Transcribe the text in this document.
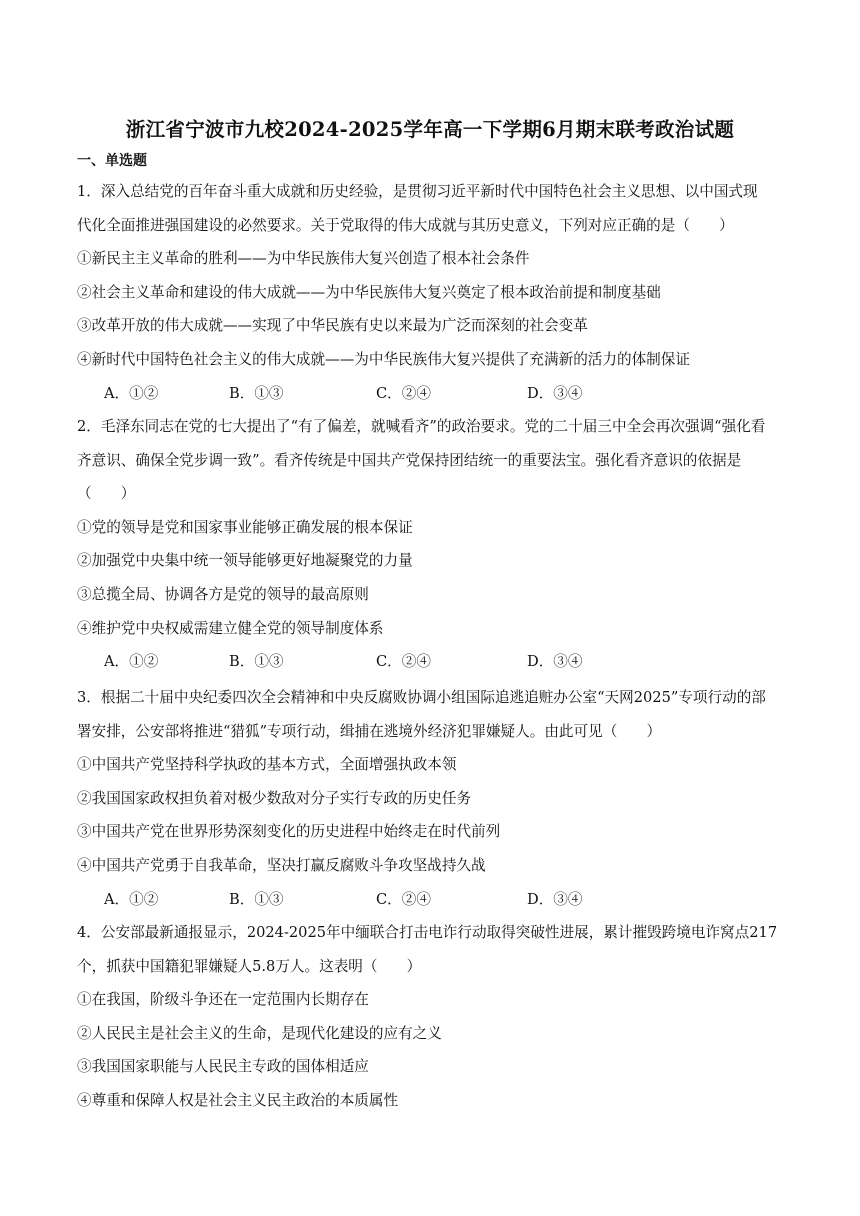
浙江省宁波市九校2024-2025学年高一下学期6月期末联考政治试题
一、单选题
1．深入总结党的百年奋斗重大成就和历史经验，是贯彻习近平新时代中国特色社会主义思想、以中国式现
代化全面推进强国建设的必然要求。关于党取得的伟大成就与其历史意义，下列对应正确的是（　　）
①新民主主义革命的胜利——为中华民族伟大复兴创造了根本社会条件
②社会主义革命和建设的伟大成就——为中华民族伟大复兴奠定了根本政治前提和制度基础
③改革开放的伟大成就——实现了中华民族有史以来最为广泛而深刻的社会变革
④新时代中国特色社会主义的伟大成就——为中华民族伟大复兴提供了充满新的活力的体制保证
A．①②	B．①③	C．②④	D．③④
2．毛泽东同志在党的七大提出了“有了偏差，就喊看齐”的政治要求。党的二十届三中全会再次强调“强化看
齐意识、确保全党步调一致”。看齐传统是中国共产党保持团结统一的重要法宝。强化看齐意识的依据是
（　　）
①党的领导是党和国家事业能够正确发展的根本保证
②加强党中央集中统一领导能够更好地凝聚党的力量
③总揽全局、协调各方是党的领导的最高原则
④维护党中央权威需建立健全党的领导制度体系
A．①②	B．①③	C．②④	D．③④
3．根据二十届中央纪委四次全会精神和中央反腐败协调小组国际追逃追赃办公室“天网2025”专项行动的部
署安排，公安部将推进“猎狐”专项行动，缉捕在逃境外经济犯罪嫌疑人。由此可见（　　）
①中国共产党坚持科学执政的基本方式，全面增强执政本领
②我国国家政权担负着对极少数敌对分子实行专政的历史任务
③中国共产党在世界形势深刻变化的历史进程中始终走在时代前列
④中国共产党勇于自我革命，坚决打赢反腐败斗争攻坚战持久战
A．①②	B．①③	C．②④	D．③④
4．公安部最新通报显示，2024-2025年中缅联合打击电诈行动取得突破性进展，累计摧毁跨境电诈窝点217
个，抓获中国籍犯罪嫌疑人5.8万人。这表明（　　）
①在我国，阶级斗争还在一定范围内长期存在
②人民民主是社会主义的生命，是现代化建设的应有之义
③我国国家职能与人民民主专政的国体相适应
④尊重和保障人权是社会主义民主政治的本质属性
